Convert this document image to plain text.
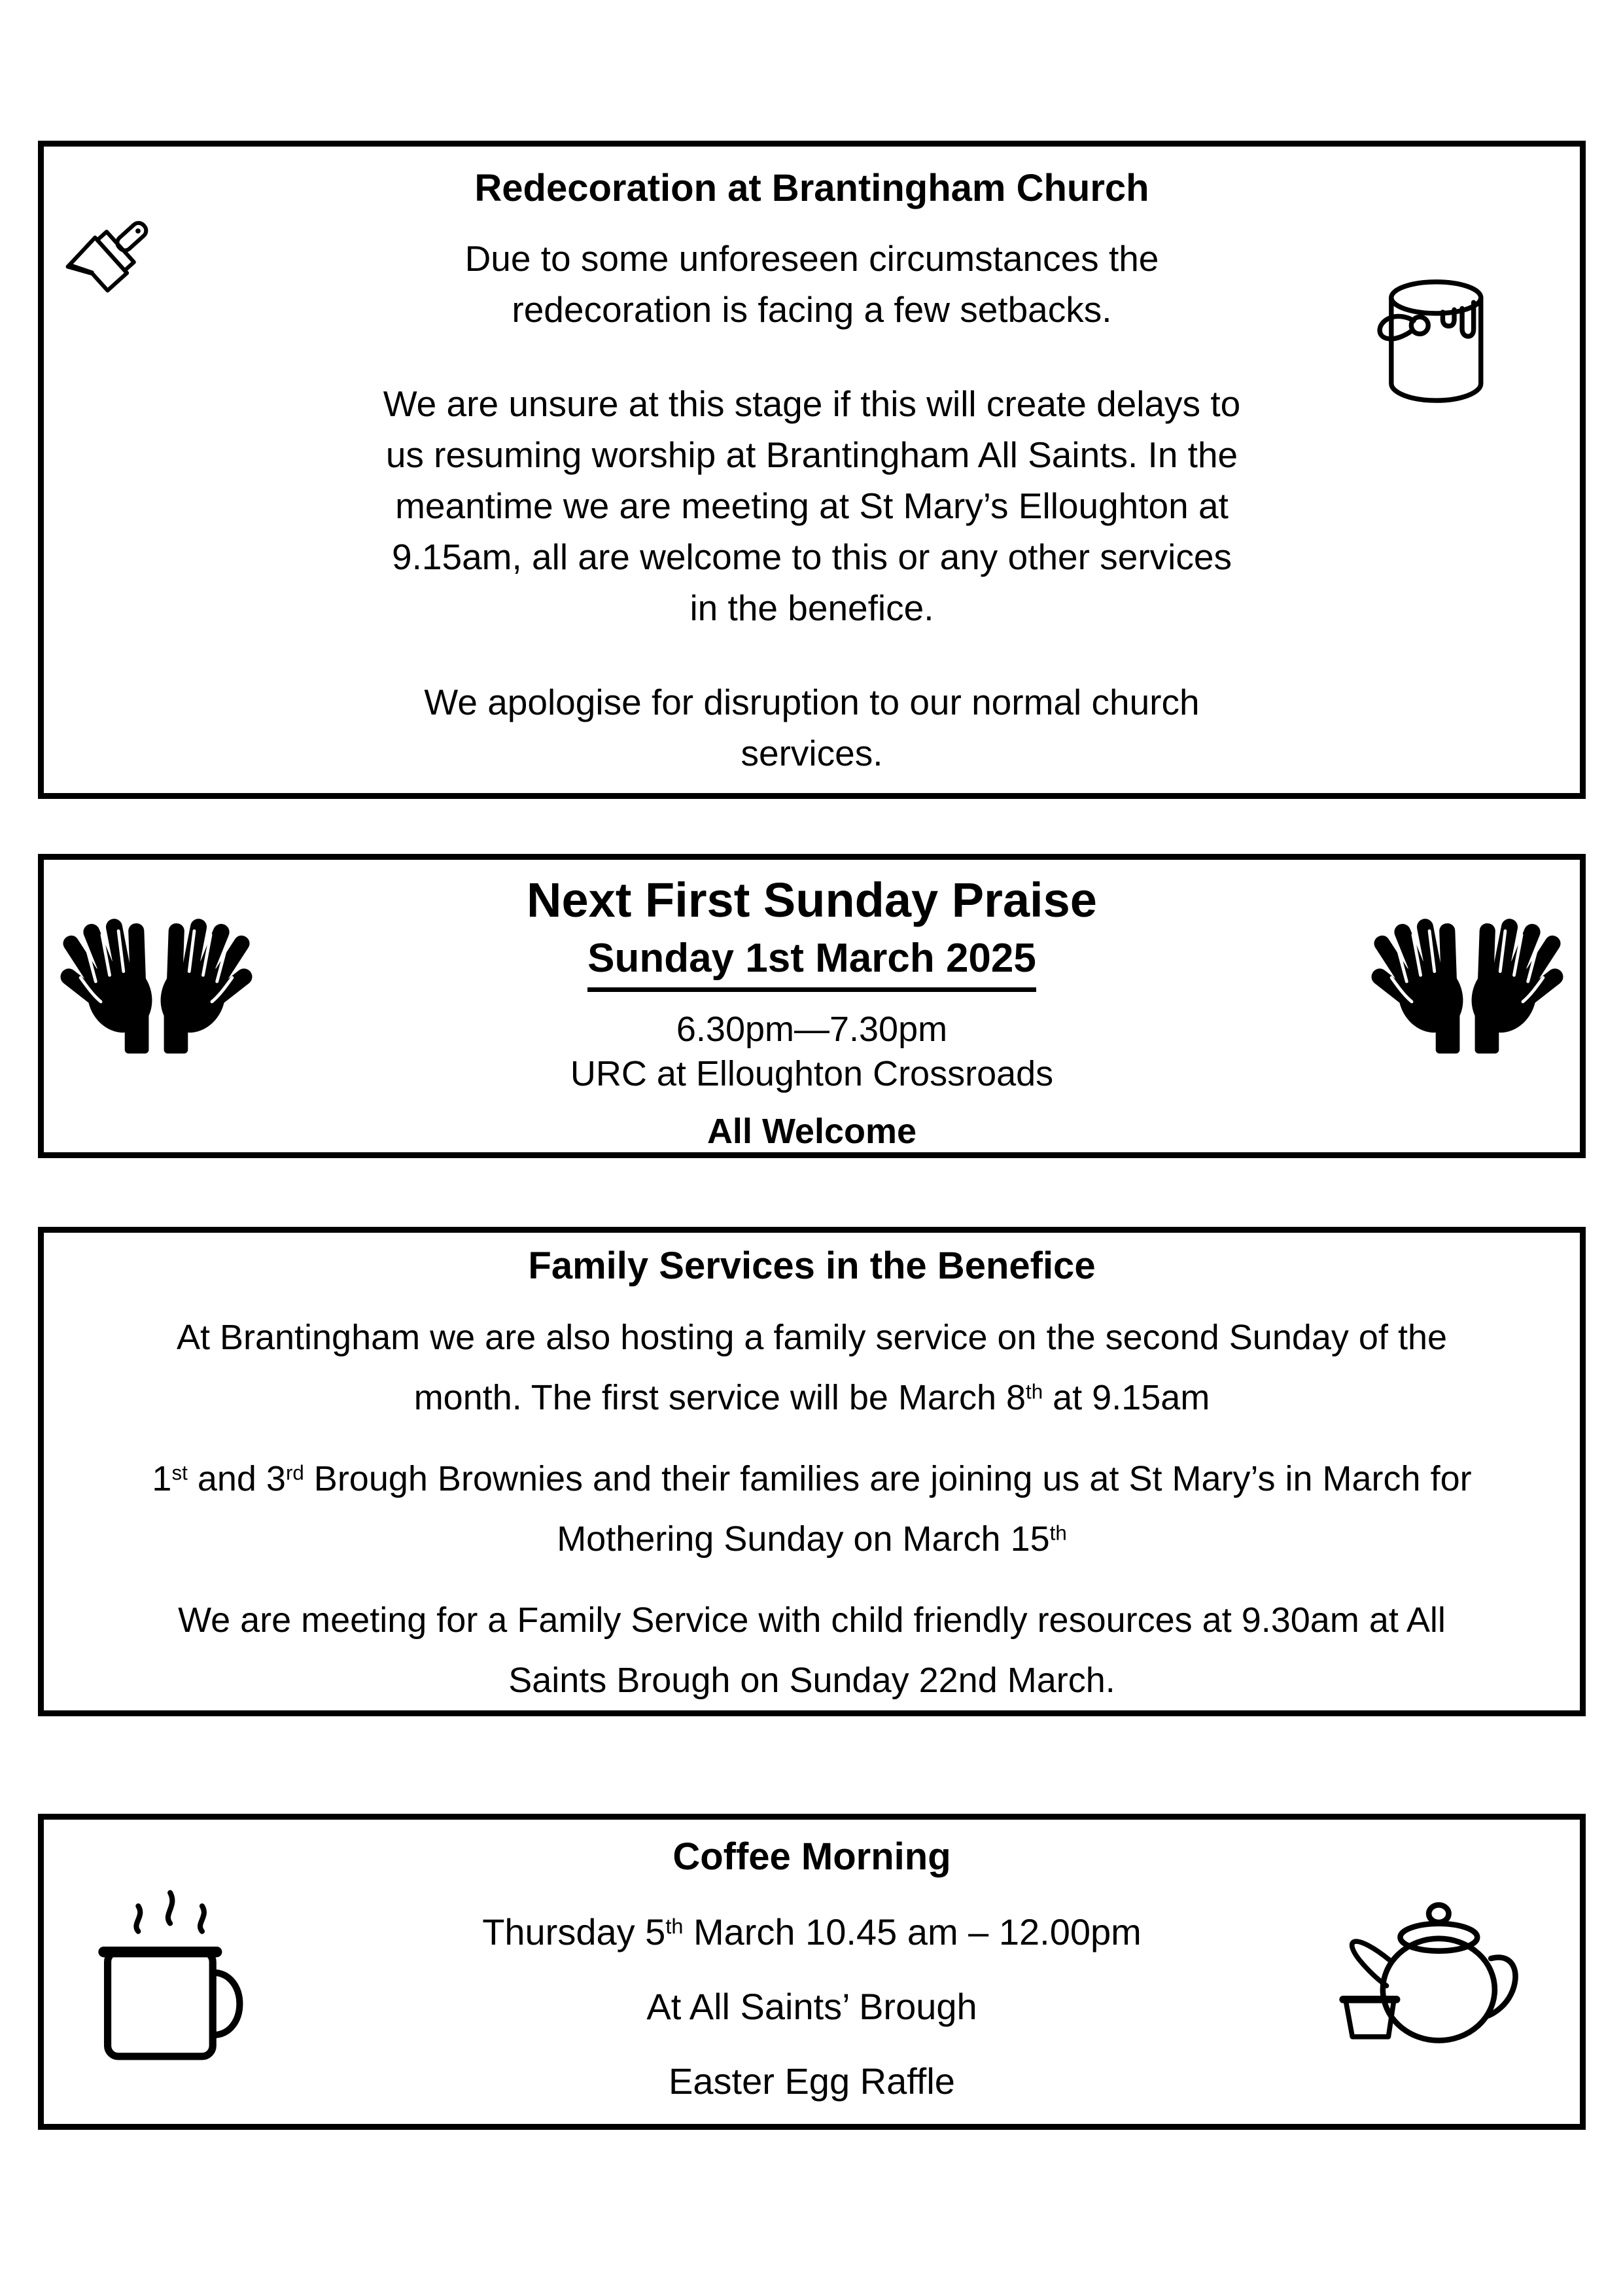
Redecoration at Brantingham Church

Due to some unforeseen circumstances the
redecoration is facing a few setbacks.

We are unsure at this stage if this will create delays to
us resuming worship at Brantingham All Saints. In the
meantime we are meeting at St Mary’s Elloughton at
9.15am, all are welcome to this or any other services
in the benefice.

We apologise for disruption to our normal church
services.

Next First Sunday Praise
Sunday 1st March 2025

6.30pm—7.30pm

URC at Elloughton Crossroads

All Welcome

Family Services in the Benefice

At Brantingham we are also hosting a family service on the second Sunday of the
month. The first service will be March 8th at 9.15am

1st and 3rd Brough Brownies and their families are joining us at St Mary’s in March for
Mothering Sunday on March 15th

We are meeting for a Family Service with child friendly resources at 9.30am at All
Saints Brough on Sunday 22nd March.

Coffee Morning

Thursday 5th March 10.45 am – 12.00pm

At All Saints’ Brough

Easter Egg Raffle
